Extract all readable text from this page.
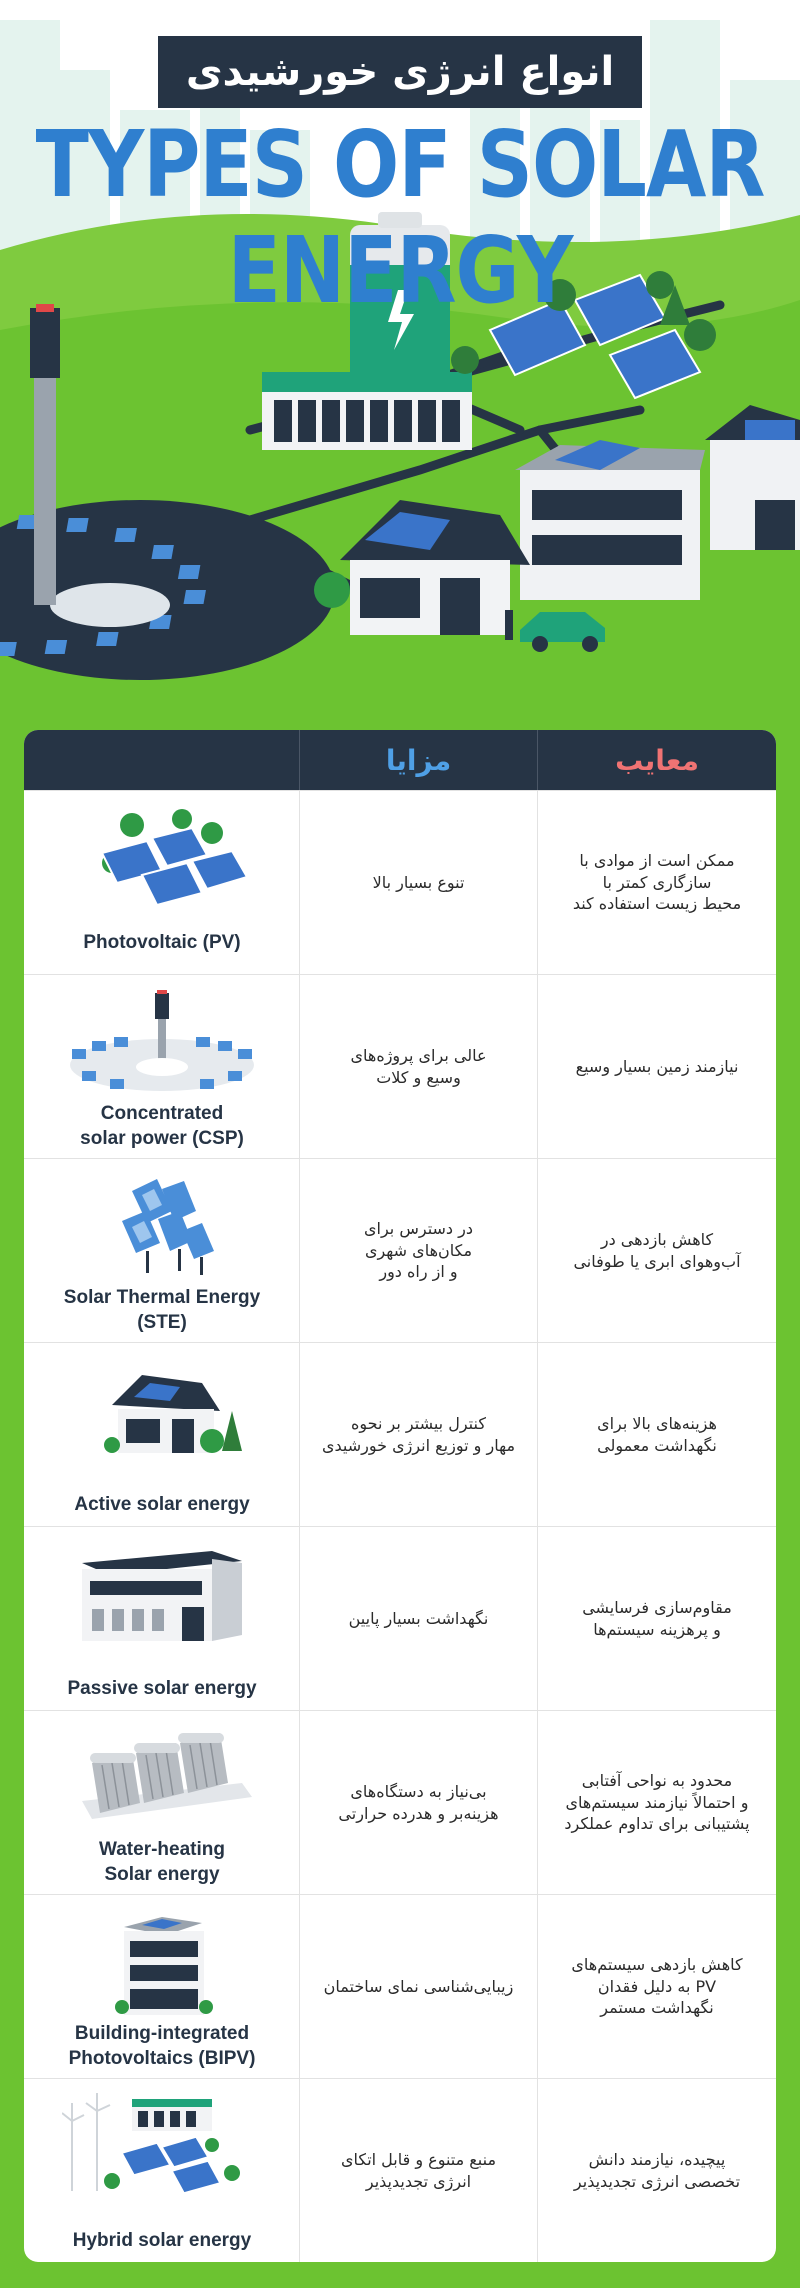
انواع انرژی خورشیدی
TYPES OF SOLAR ENERGY
مزایا	معایب
Photovoltaic (PV)
تنوع بسیار بالا
ممکن است از موادی با
سازگاری کمتر با
محیط زیست استفاده کند
Concentrated
solar power (CSP)
عالی برای پروژه‌های
وسیع و کلات
نیازمند زمین بسیار وسیع
Solar Thermal Energy
(STE)
در دسترس برای
مکان‌های شهری
و از راه دور
کاهش بازدهی در
آب‌وهوای ابری یا طوفانی
Active solar energy
کنترل بیشتر بر نحوه
مهار و توزیع انرژی خورشیدی
هزینه‌های بالا برای
نگهداشت معمولی
Passive solar energy
نگهداشت بسیار پایین
مقاوم‌سازی فرسایشی
و پرهزینه سیستم‌ها
Water-heating
Solar energy
بی‌نیاز به دستگاه‌های
هزینه‌بر و هدرده حرارتی
محدود به نواحی آفتابی
و احتمالاً نیازمند سیستم‌های
پشتیبانی برای تداوم عملکرد
Building-integrated
Photovoltaics (BIPV)
زیبایی‌شناسی نمای ساختمان
کاهش بازدهی سیستم‌های
PV به دلیل فقدان
نگهداشت مستمر
Hybrid solar energy
منبع متنوع و قابل اتکای
انرژی تجدیدپذیر
پیچیده، نیازمند دانش
تخصصی انرژی تجدیدپذیر
